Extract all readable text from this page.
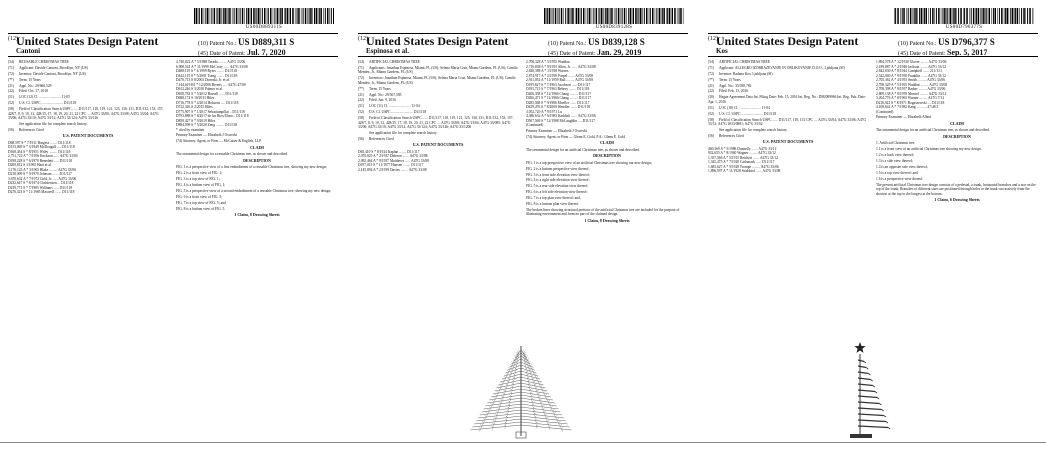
US00D889311S
(12)
United States Design Patent
Cantoni
(10) Patent No.: US D889,311 S
(45) Date of Patent: Jul. 7, 2020
(54) REUSABLE CHRISTMAS TREE
(71) Applicant: Davide Cantoni, Brooklyn, NY (US)
(72) Inventor: Davide Cantoni, Brooklyn, NY (US)
(**) Term: 15 Years
(21) Appl. No.: 29/666,529
(22) Filed: Oct. 17, 2018
(51) LOC (12) Cl. ........................ 11-05
(52) U.S. Cl. USPC ........................ D11/118
(58) Field of Classification Search USPC ...... D11/117, 118, 119, 121, 125, 130, 131, D11/132, 153, 157; 428/7, 8, 9, 10, 12, 428/15, 17, 18, 19, 20, 21, 22 CPC .... A47G 33/00; A47G 33/08; A47G 33/04; A47G 33/06; A47G 33/10; A47G 33/12; A47G 33/124; A47G 33/126
See application file for complete search history.
(56) References Cited
U.S. PATENT DOCUMENTS
D68,597 S * 7/1911 Burgess ........ D11/118
D153,069 S * 3/1949 McDougall ..... D11/118
D168,454 S * 8/1951 Wiley ......... D11/118
2,751,722 A * 7/1956 Erickson ...... A47G 33/04
D198,228 S * 6/1970 Benedetti ..... D11/118
D200,812 S 1/1965 Haut et al.
3,176,123 A * 3/1965 Blake ......... A47G 33/06
D218,009 S * 9/1970 Johnson ....... D11/117
3,670,632 A * 7/1972 Gold, Jr. ..... A47G 33/06
D232,647 S * 8/1974 Christensen ... D11/118
D239,771 S * 7/1985 Williams ...... D11/118
D276,323 S * 11/1985 Maxwell ....... D11/118
4,740,822 A * 5/1988 Terada ......... A47G 33/06
6,908,541 A * 11/1999 McCrory ...... A47G 33/08
D488,119 S * 4/1999 Byers ........ D11/118
D442,115 S * 5/2001 Tseng ........ D11/118
D470,713 S 8/2003 Doneski, Jr. et al.
7,144,619 B1 * 12/2006 Bivens ..... A47G 47/00
D612,246 S 3/2010 Palmer et al.
D658,782 S * 5/2012 Hassell ...... D11/118
D688,174 S 10/2013 Hiles
D716,778 S * 4/2014 Holstein ..... D11/118
D722,326 S 2/2015 Hiles
D775,907 S * 1/2017 Sebastianpillai .. D11/118
D793,888 S * 8/2017 de los Rios/Ulma .. D11/118
D858,427 S * 9/2019 Hiles
D884,598 S * 5/2020 Zeng ......... D11/118
* cited by examiner
Primary Examiner — Elizabeth J Oswecki
(74) Attorney, Agent, or Firm — McCarter & English, LLP
CLAIM
The ornamental design for a reusable Christmas tree, as shown and described.
DESCRIPTION
FIG. 1 is a perspective view of a first embodiment of a reusable Christmas tree, showing my new design;
FIG. 2 is a front view of FIG. 1;
FIG. 3 is a top view of FIG. 1;
FIG. 4 is a bottom view of FIG. 1;
FIG. 5 is a perspective view of a second embodiment of a reusable Christmas tree, showing my new design;
FIG. 6 is a front view of FIG. 5;
FIG. 7 is a top view of FIG. 5; and
FIG. 8 is a bottom view of FIG. 5.
1 Claim, 8 Drawing Sheets
US00D839128S
(12)
United States Design Patent
Espinosa et al.
(10) Patent No.: US D839,128 S
(45) Date of Patent: Jan. 29, 2019
(54) ARTIFICIAL CHRISTMAS TREE
(71) Applicants: Jonathan Espinosa, Miami, FL (US); Selena Maria Cruz, Miami Gardens, FL (US); Camilo Mendez, Jr., Miami Gardens, FL (US)
(72) Inventors: Jonathan Espinosa, Miami, FL (US); Selena Maria Cruz, Miami Gardens, FL (US); Camilo Mendez, Jr., Miami Gardens, FL (US)
(**) Term: 15 Years
(21) Appl. No.: 29/567,585
(22) Filed: Jun. 9, 2016
(51) LOC (11) Cl. ........................ 11-04
(52) U.S. Cl. USPC ........................ D11/118
(58) Field of Classification Search USPC ...... D11/117, 118, 119, 121, 125, 130, 131, D11/132, 153, 157; 428/7, 8, 9, 10, 12, 428/15, 17, 18, 19, 20, 21, 22 CPC .... A47G 33/08; A47G 33/04; A47G 33/085; A47G 33/06; A47G 33/10; A47G 33/12; A47G 33/124; A47G 33/126; A47G 33/1206
See application file for complete search history.
(56) References Cited
U.S. PATENT DOCUMENTS
D65,410 S * 8/1924 Kaplan ........ D11/117
2,070,825 A * 2/1937 Dideron ....... A47G 33/08
2,092,464 A * 9/1937 Matthews ...... A47G 33/08
D197,013 S * 11/1977 Hansen ........ D11/117
2,145,894 A * 2/1939 Davies ........ A47G 33/08
2,708,328 A * 5/1955 Waddan
2,716,838 A * 9/1955 Allen, Jr. ...... A47G 33/08
2,820,388 A * 1/1958 Warren
2,874,917 A * 2/1959 Purpel ....... A47G 33/08
2,911,052 A * 11/1959 Rall ......... A47G 33/08
D195,627 S * 7/1963 Jacobson ...... D11/117
D195,721 S * 7/1963 Bebery ........ D11/118
D206,358 S * 12/1966 Chang ......... D11/117
D206,471 S * 12/1966 Chang ......... D11/117
D285,568 S * 9/1986 Moeller ....... D11/117
D429,476 S * 8/2000 Wendler ....... D11/118
3,052,720 A * 9/1971 Lu
4,386,632 A * 6/1983 Kaddish ....... A47G 33/06
D507,569 S * 12/1988 McLaughlin .... D11/117
(Continued)
Primary Examiner — Elizabeth J Oswecki
(74) Attorney, Agent, or Firm — Glenn E. Gold, P.A.; Glenn E. Gold
CLAIM
The ornamental design for an artificial Christmas tree, as shown and described.
DESCRIPTION
FIG. 1 is a top perspective view of an artificial Christmas tree showing our new design;
FIG. 2 is a bottom perspective view thereof;
FIG. 3 is a front side elevation view thereof;
FIG. 4 is a right side elevation view thereof;
FIG. 5 is a rear side elevation view thereof;
FIG. 6 is a left side elevation view thereof;
FIG. 7 is a top plan view thereof; and,
FIG. 8 is a bottom plan view thereof.
The broken lines showing structural portions of the artificial Christmas tree are included for the purpose of illustrating environment and form no part of the claimed design.
1 Claim, 8 Drawing Sheets
US00D796377S
(12)
United States Design Patent
Kos
(10) Patent No.: US D796,377 S
(45) Date of Patent: Sep. 5, 2017
(54) ARTIFICIAL CHRISTMAS TREE
(71) Applicant: ALLEGRO IZOBRAZEVANJE IN OBLIKOVANJE D.O.O., Ljubljana (SI)
(72) Inventor: Radana Kos, Ljubljana (SI)
(**) Term: 15 Years
(21) Appl. No.: 35/030,782
(22) Filed: Feb. 15, 2016
(30) Hague Agreement Data Int. Filing Date: Feb. 15, 2016 Int. Reg. No.: DM/089066 Int. Reg. Pub. Date: Apr. 1, 2016
(51) LOC (10) Cl. ........................ 11-04
(52) U.S. Cl. USPC ........................ D11/118
(58) Field of Classification Search USPC ...... D11/117, 118, 131 CPC .... A47G 33/04; A47G 33/06; A47G 33/12; A47G 2033/0881; A47G 33/02
See application file for complete search history.
(56) References Cited
U.S. PATENT DOCUMENTS
460,369 A * 5/1986 Donnelly ....... A47G 33/12
932,655 A * 8/1940 Wagner ......... A47G 33/12
1,357,566 A * 5/1915 Reichert ....... A47G 33/12
1,345,475 A * 7/1920 Carlsmark ...... D11/117
1,683,627 A * 9/1928 Trompe ......... A47G 33/06
1,896,597 A * 11/1928 Stoddard ....... A47G 33/08
1,894,578 A * 12/1930 Glover ........ A47G 33/06
2,189,887 A * 2/1940 Jackson ........ A47G 33/12
2,842,030 A * 8/1944 Campbell ....... 211/13.1
2,522,040 A * 9/1950 Franklin ....... A47G 33/12
2,705,362 A * 4/1955 Smith .......... A47G 33/06
2,708,329 A * 5/1955 Waddan ......... A47G 33/08
2,708,398 A * 8/1957 Barber ......... A47G 33/06
2,809,138 A * 8/1959 Muncel ......... A47G 33/12
3,204,776 A * 8/1965 Warner ......... A47G 7/12
D216,922 S * 8/1971 Bogaszewski .... D11/118
4,100,642 A * 7/1982 Kang ........... 47/48.5
(Continued)
Primary Examiner — Elizabeth Albert
CLAIM
The ornamental design for an artificial Christmas tree, as shown and described.
DESCRIPTION
1. Artificial Christmas tree.
1.1 is a front view of an artificial Christmas tree showing my new design.
1.2 is a back view thereof;
1.3 is a side view thereof;
1.4 is an opposite side view thereof;
1.5 is a top view thereof; and
1.6 is a perspective view thereof.
The present artificial Christmas tree design consists of a pedestal, a trunk, horizontal branches and a star on the top of the trunk. Branches of different sizes are positioned through holes to the trunk successively from the shortest at the top to the longest at the bottom.
1 Claim, 6 Drawing Sheets
